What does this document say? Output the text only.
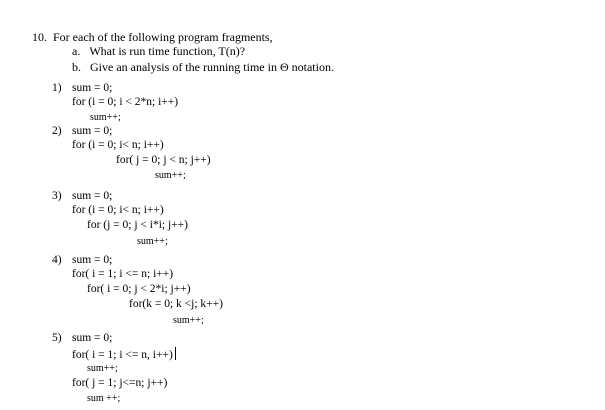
10. For each of the following program fragments,

a. What is run time function, T(n)?

b. Give an analysis of the running time in Θ notation.

1) sum = 0;
for (i = 0; i < 2*n; i++)
sum++;
2) sum = 0;
for (i = 0; i< n; i++)
for( j = 0; j < n; j++)
sum++;
3) sum = 0;
for (i = 0; i< n; i++)
for (j = 0; j < i*i; j++)
sum++;
4) sum = 0;
for( i = 1; i <= n; i++)
for( i = 0; j < 2*i; j++)
for(k = 0; k <j; k++)
sum++;
5) sum = 0;
for( i = 1; i <= n, i++)
sum++;
for( j = 1; j<=n; j++)
sum ++;
